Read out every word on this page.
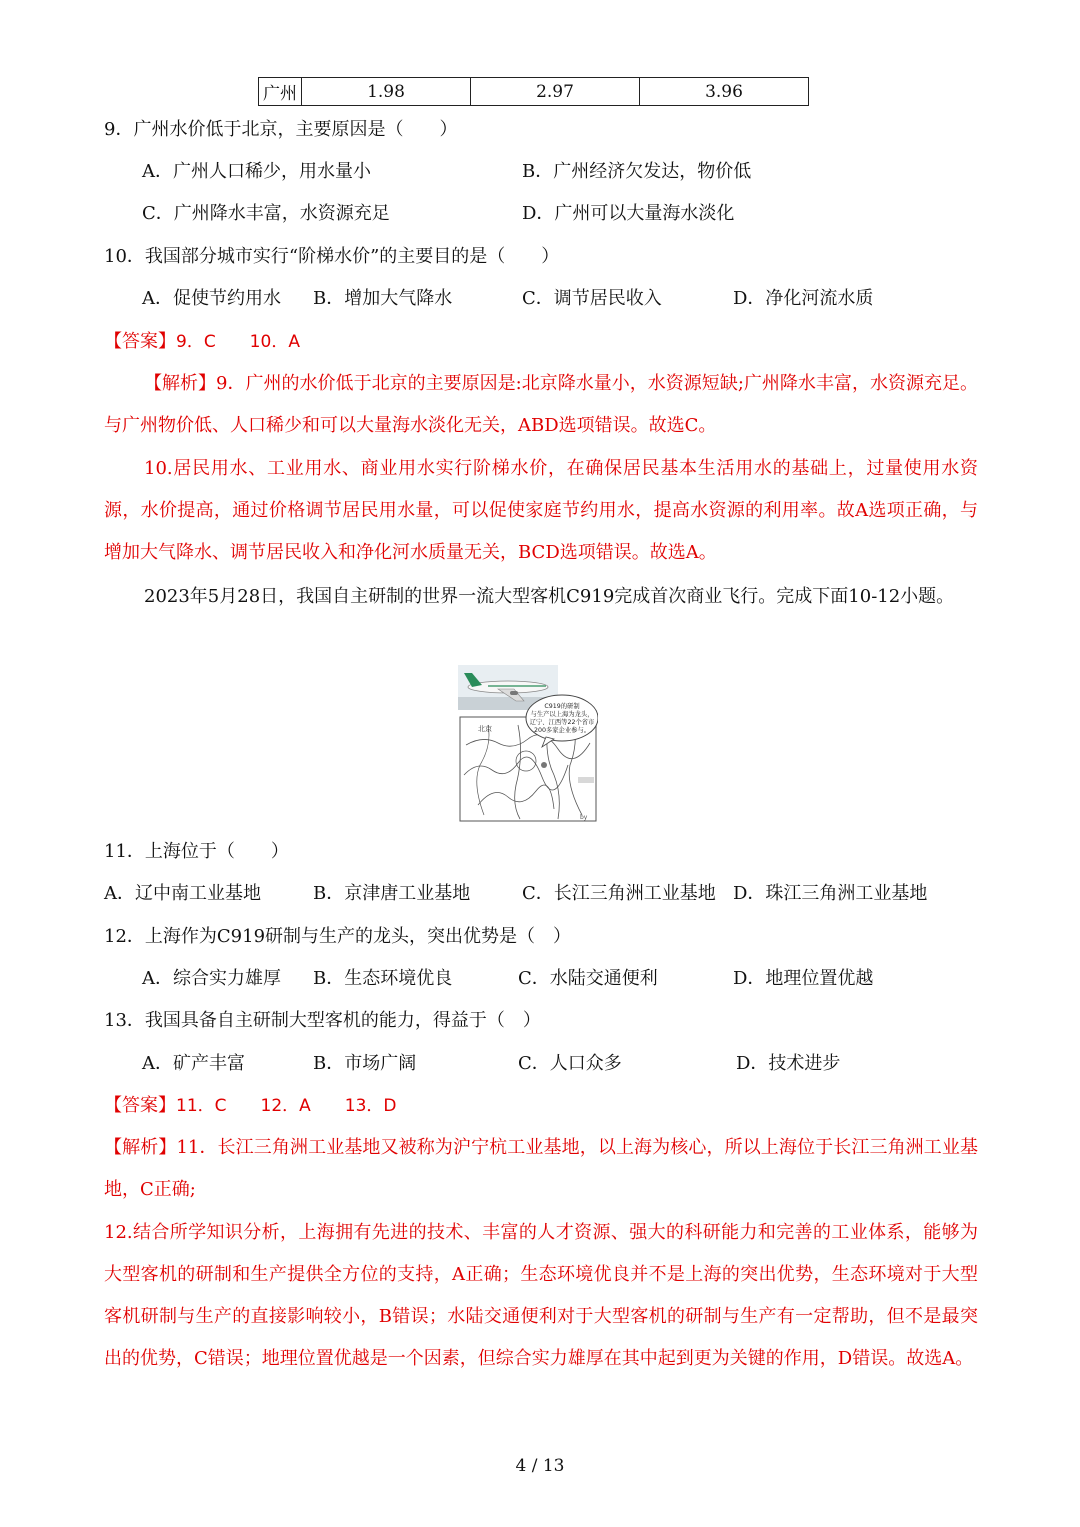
广州	1.98	2.97	3.96
9．广州水价低于北京，主要原因是（　　）
A．广州人口稀少，用水量小	B．广州经济欠发达，物价低
C．广州降水丰富，水资源充足	D．广州可以大量海水淡化
10．我国部分城市实行“阶梯水价”的主要目的是（　　）
A．促使节约用水 B．增加大气降水	C．调节居民收入	D．净化河流水质
【答案】9．C　　10．A
【解析】9．广州的水价低于北京的主要原因是:北京降水量小，水资源短缺;广州降水丰富，水资源充足。与广州物价低、人口稀少和可以大量海水淡化无关，ABD选项错误。故选C。
10.居民用水、工业用水、商业用水实行阶梯水价，在确保居民基本生活用水的基础上，过量使用水资源，水价提高，通过价格调节居民用水量，可以促使家庭节约用水，提高水资源的利用率。故A选项正确，与增加大气降水、调节居民收入和净化河水质量无关，BCD选项错误。故选A。
2023年5月28日，我国自主研制的世界一流大型客机C919完成首次商业飞行。完成下面10-12小题。
北京
by
C919的研制
与生产以上海为龙头，
辽宁、江西等22个省市
200多家企业参与。
11．上海位于（　　）
A．辽中南工业基地	B．京津唐工业基地	C．长江三角洲工业基地 D．珠江三角洲工业基地
12．上海作为C919研制与生产的龙头，突出优势是（　）
A．综合实力雄厚 B．生态环境优良	C．水陆交通便利	D．地理位置优越
13．我国具备自主研制大型客机的能力，得益于（　）
A．矿产丰富	B．市场广阔	C．人口众多	D．技术进步
【答案】11．C　　12．A　　13．D
【解析】11．长江三角洲工业基地又被称为沪宁杭工业基地，以上海为核心，所以上海位于长江三角洲工业基地，C正确;
12.结合所学知识分析，上海拥有先进的技术、丰富的人才资源、强大的科研能力和完善的工业体系，能够为大型客机的研制和生产提供全方位的支持，A正确；生态环境优良并不是上海的突出优势，生态环境对于大型客机研制与生产的直接影响较小，B错误；水陆交通便利对于大型客机的研制与生产有一定帮助，但不是最突出的优势，C错误；地理位置优越是一个因素，但综合实力雄厚在其中起到更为关键的作用，D错误。故选A。
4 / 13
